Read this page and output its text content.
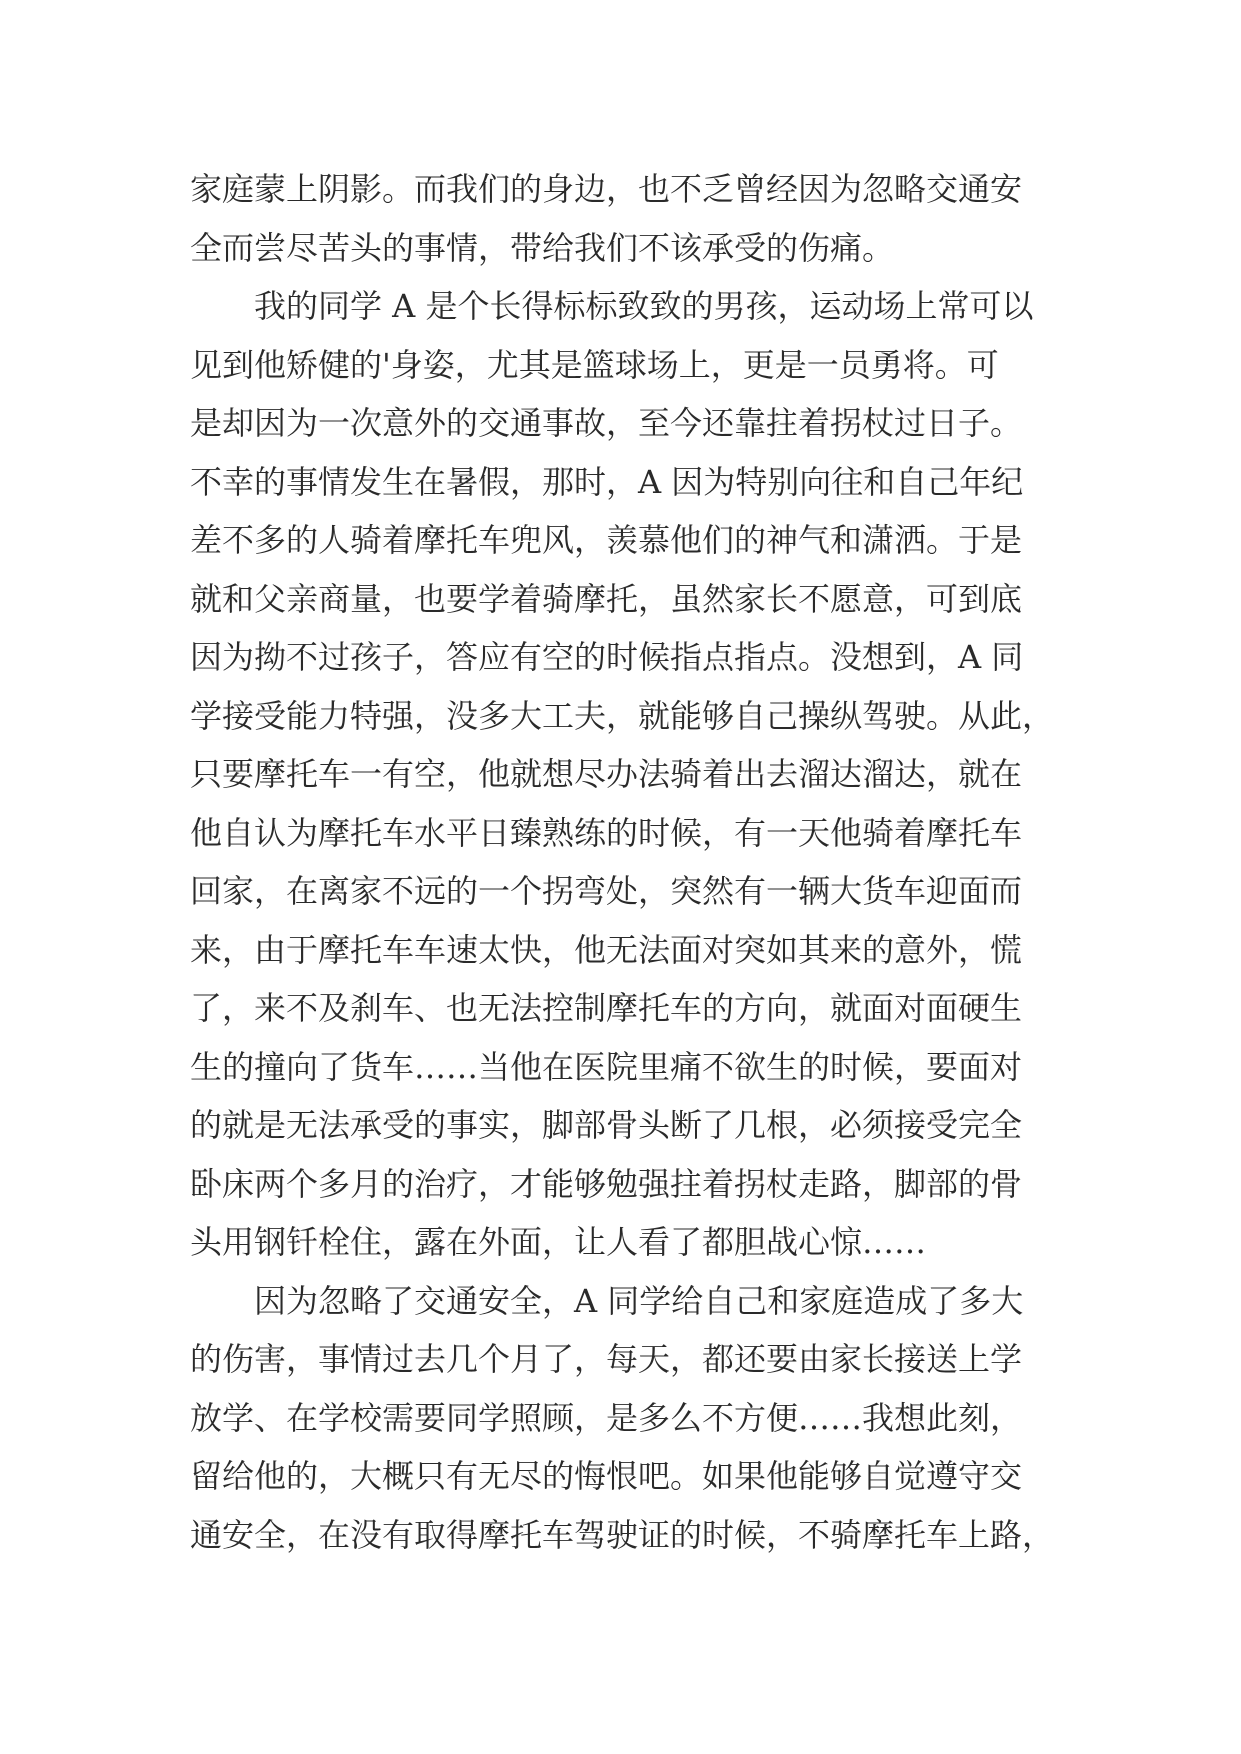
家庭蒙上阴影。而我们的身边，也不乏曾经因为忽略交通安
全而尝尽苦头的事情，带给我们不该承受的伤痛。
　　我的同学 A 是个长得标标致致的男孩，运动场上常可以
见到他矫健的'身姿，尤其是篮球场上，更是一员勇将。可
是却因为一次意外的交通事故，至今还靠拄着拐杖过日子。
不幸的事情发生在暑假，那时，A 因为特别向往和自己年纪
差不多的人骑着摩托车兜风，羡慕他们的神气和潇洒。于是
就和父亲商量，也要学着骑摩托，虽然家长不愿意，可到底
因为拗不过孩子，答应有空的时候指点指点。没想到，A 同
学接受能力特强，没多大工夫，就能够自己操纵驾驶。从此，
只要摩托车一有空，他就想尽办法骑着出去溜达溜达，就在
他自认为摩托车水平日臻熟练的时候，有一天他骑着摩托车
回家，在离家不远的一个拐弯处，突然有一辆大货车迎面而
来，由于摩托车车速太快，他无法面对突如其来的意外，慌
了，来不及刹车、也无法控制摩托车的方向，就面对面硬生
生的撞向了货车……当他在医院里痛不欲生的时候，要面对
的就是无法承受的事实，脚部骨头断了几根，必须接受完全
卧床两个多月的治疗，才能够勉强拄着拐杖走路，脚部的骨
头用钢钎栓住，露在外面，让人看了都胆战心惊……
　　因为忽略了交通安全，A 同学给自己和家庭造成了多大
的伤害，事情过去几个月了，每天，都还要由家长接送上学
放学、在学校需要同学照顾，是多么不方便……我想此刻，
留给他的，大概只有无尽的悔恨吧。如果他能够自觉遵守交
通安全，在没有取得摩托车驾驶证的时候，不骑摩托车上路，
